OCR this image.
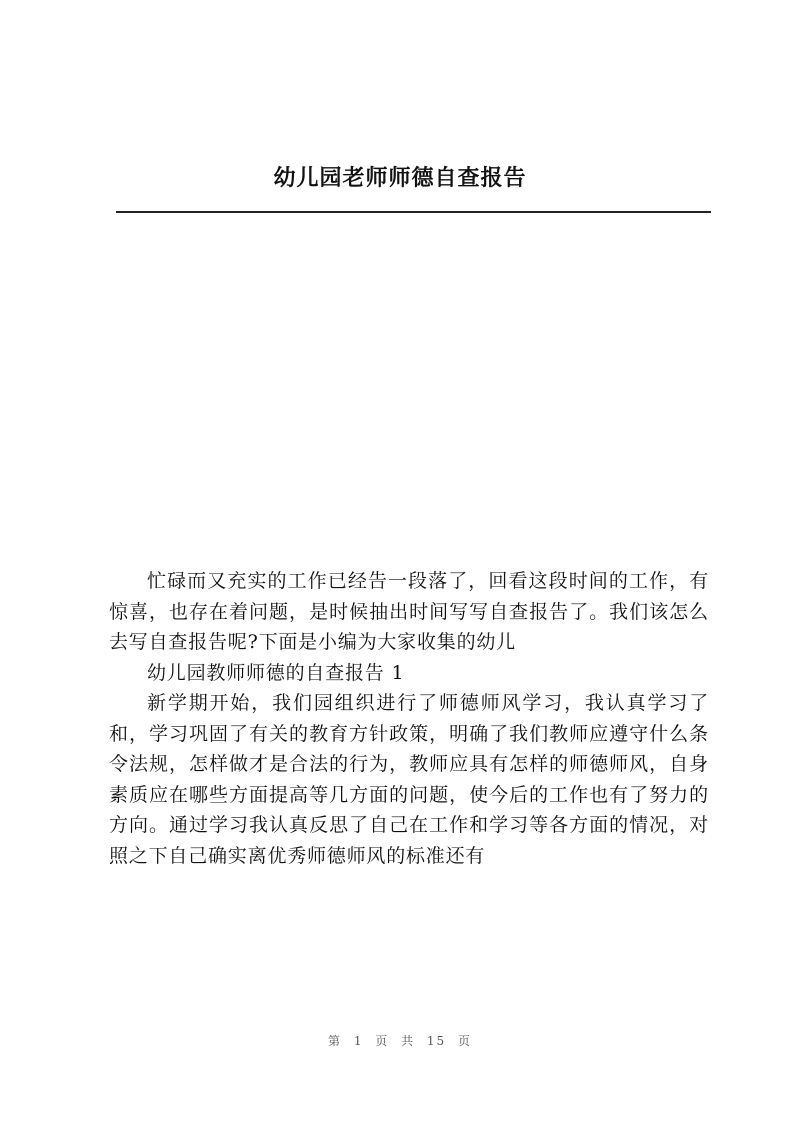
幼儿园老师师德自查报告

忙碌而又充实的工作已经告一段落了，回看这段时间的工作，有惊喜，也存在着问题，是时候抽出时间写写自查报告了。我们该怎么去写自查报告呢?下面是小编为大家收集的幼儿

幼儿园教师师德的自查报告 1

新学期开始，我们园组织进行了师德师风学习，我认真学习了和，学习巩固了有关的教育方针政策，明确了我们教师应遵守什么条令法规，怎样做才是合法的行为，教师应具有怎样的师德师风，自身素质应在哪些方面提高等几方面的问题，使今后的工作也有了努力的方向。通过学习我认真反思了自己在工作和学习等各方面的情况，对照之下自己确实离优秀师德师风的标准还有

第 1 页 共 15 页
